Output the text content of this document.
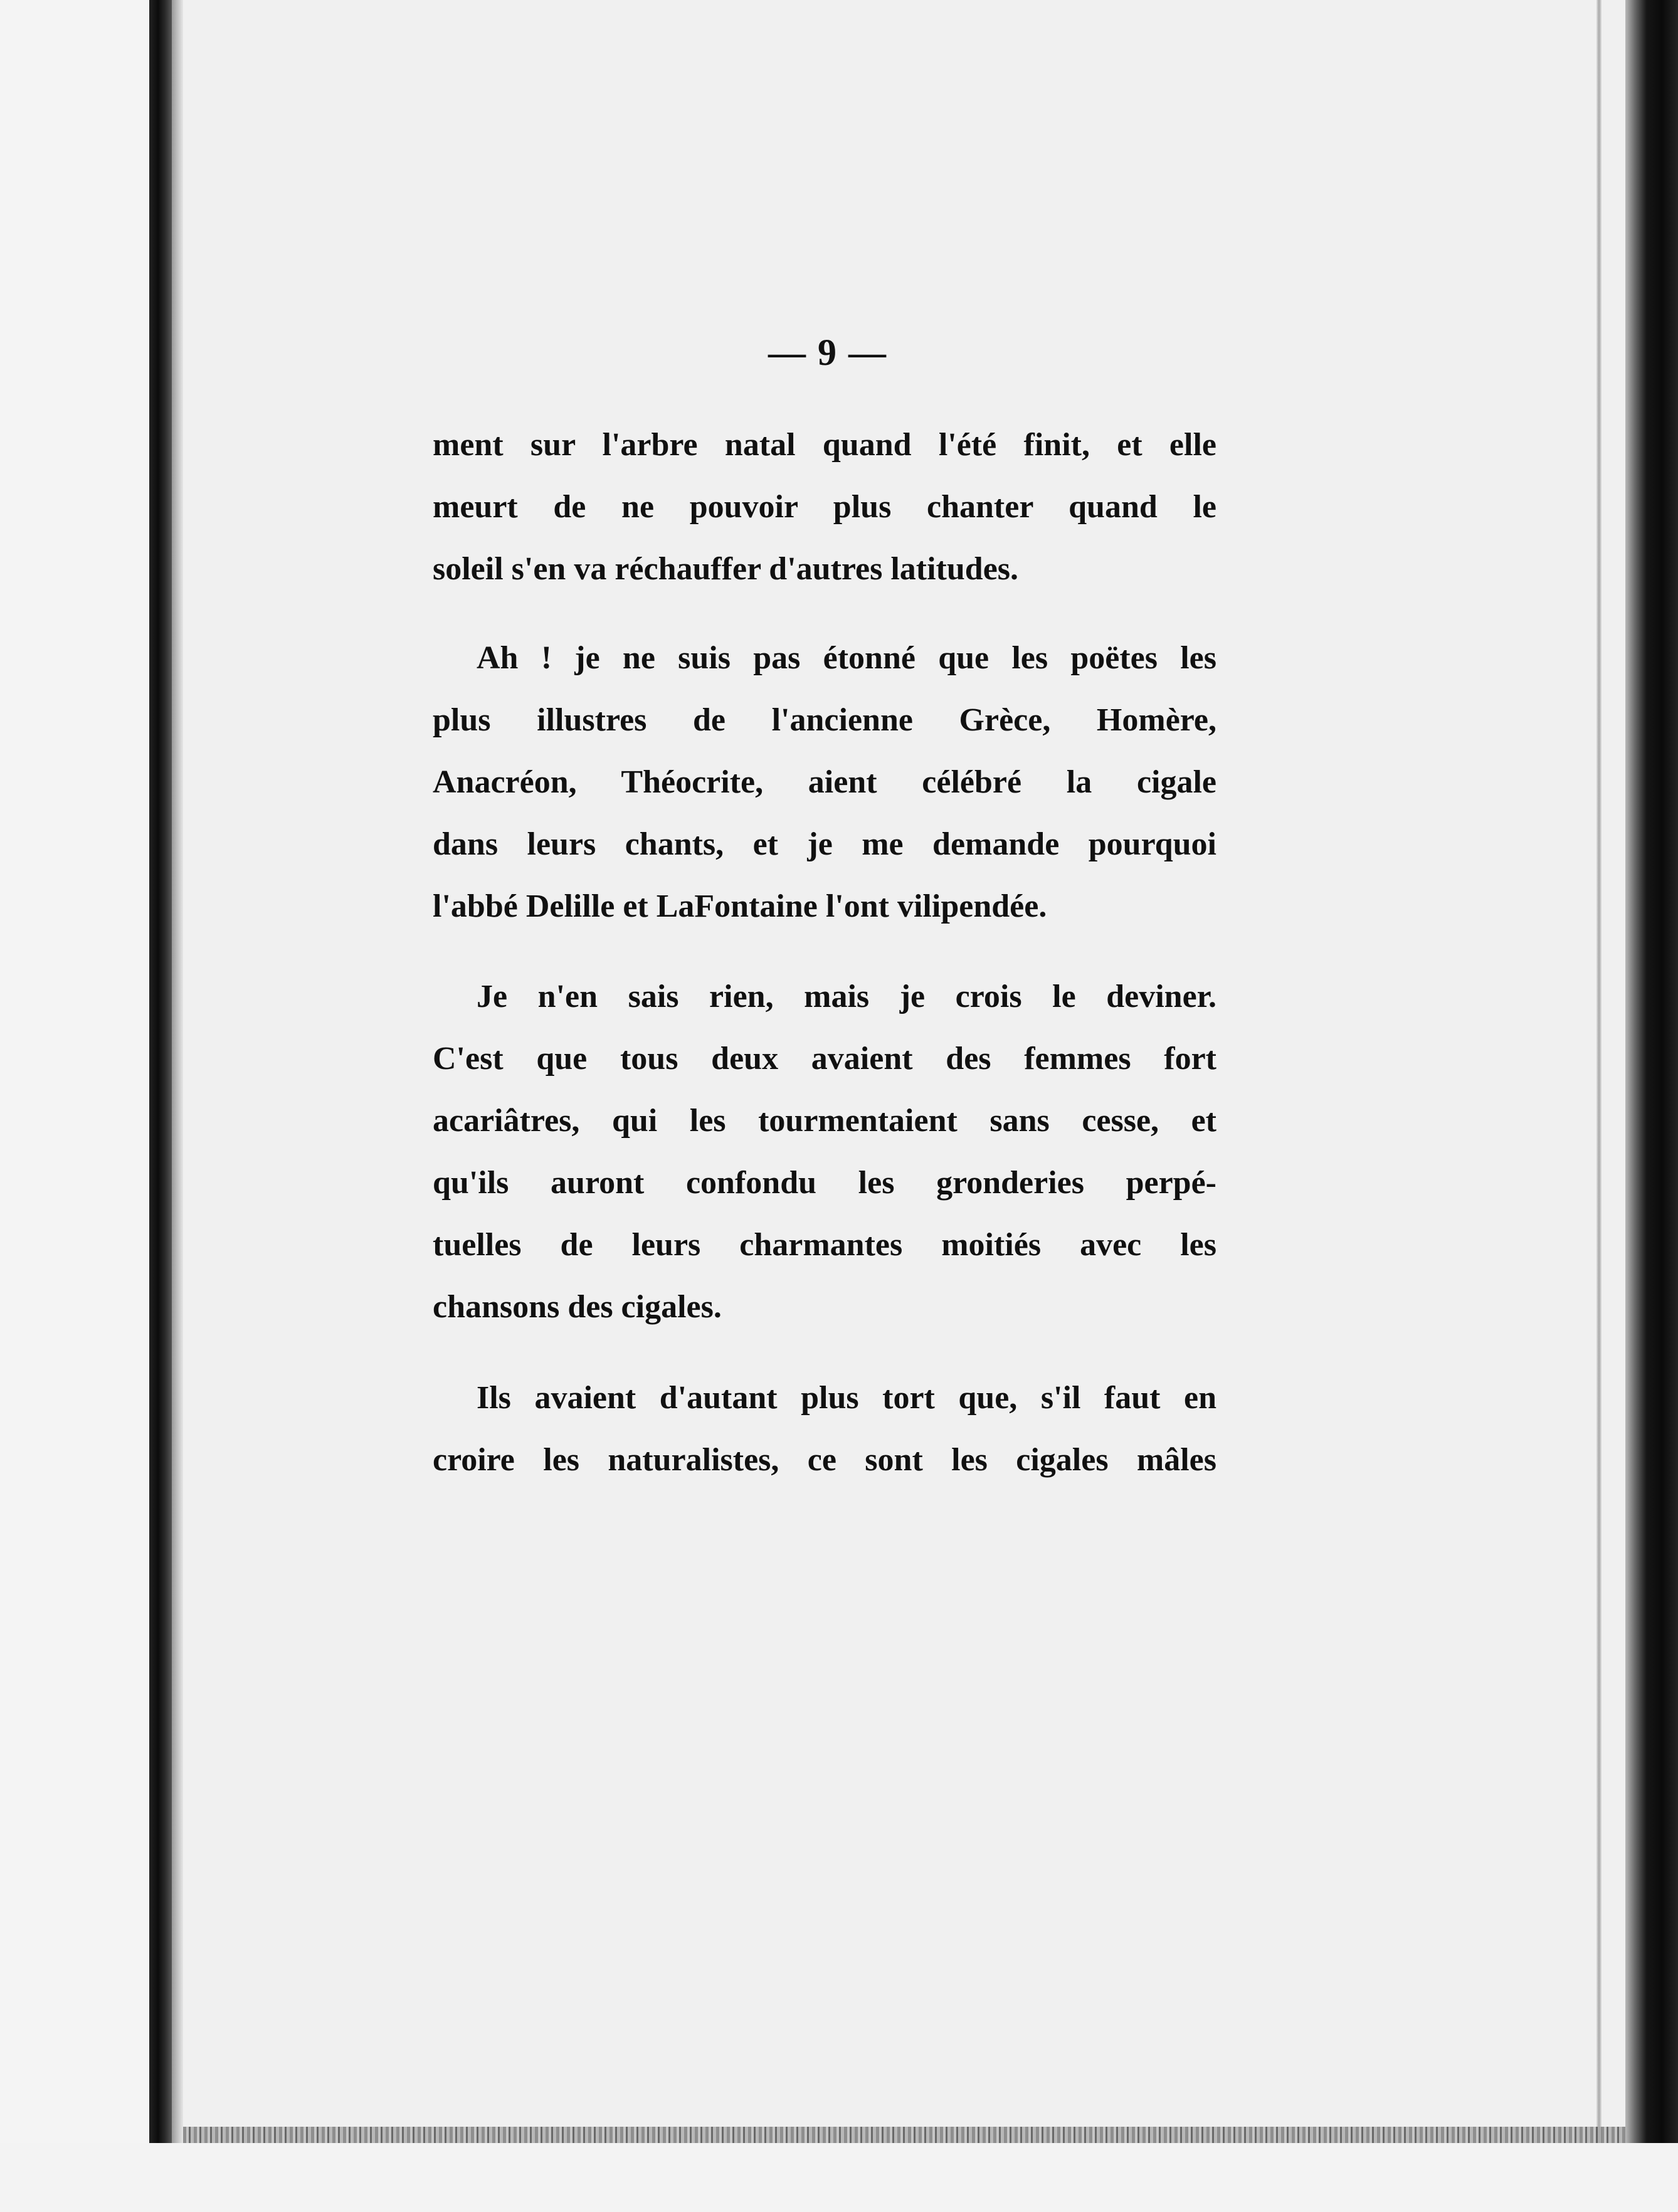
— 9 —
ment sur l'arbre natal quand l'été finit, et elle
meurt de ne pouvoir plus chanter quand le
soleil s'en va réchauffer d'autres latitudes.
Ah ! je ne suis pas étonné que les poëtes les
plus illustres de l'ancienne Grèce, Homère,
Anacréon, Théocrite, aient célébré la cigale
dans leurs chants, et je me demande pourquoi
l'abbé Delille et LaFontaine l'ont vilipendée.
Je n'en sais rien, mais je crois le deviner.
C'est que tous deux avaient des femmes fort
acariâtres, qui les tourmentaient sans cesse, et
qu'ils auront confondu les gronderies perpé-
tuelles de leurs charmantes moitiés avec les
chansons des cigales.
Ils avaient d'autant plus tort que, s'il faut en
croire les naturalistes, ce sont les cigales mâles
